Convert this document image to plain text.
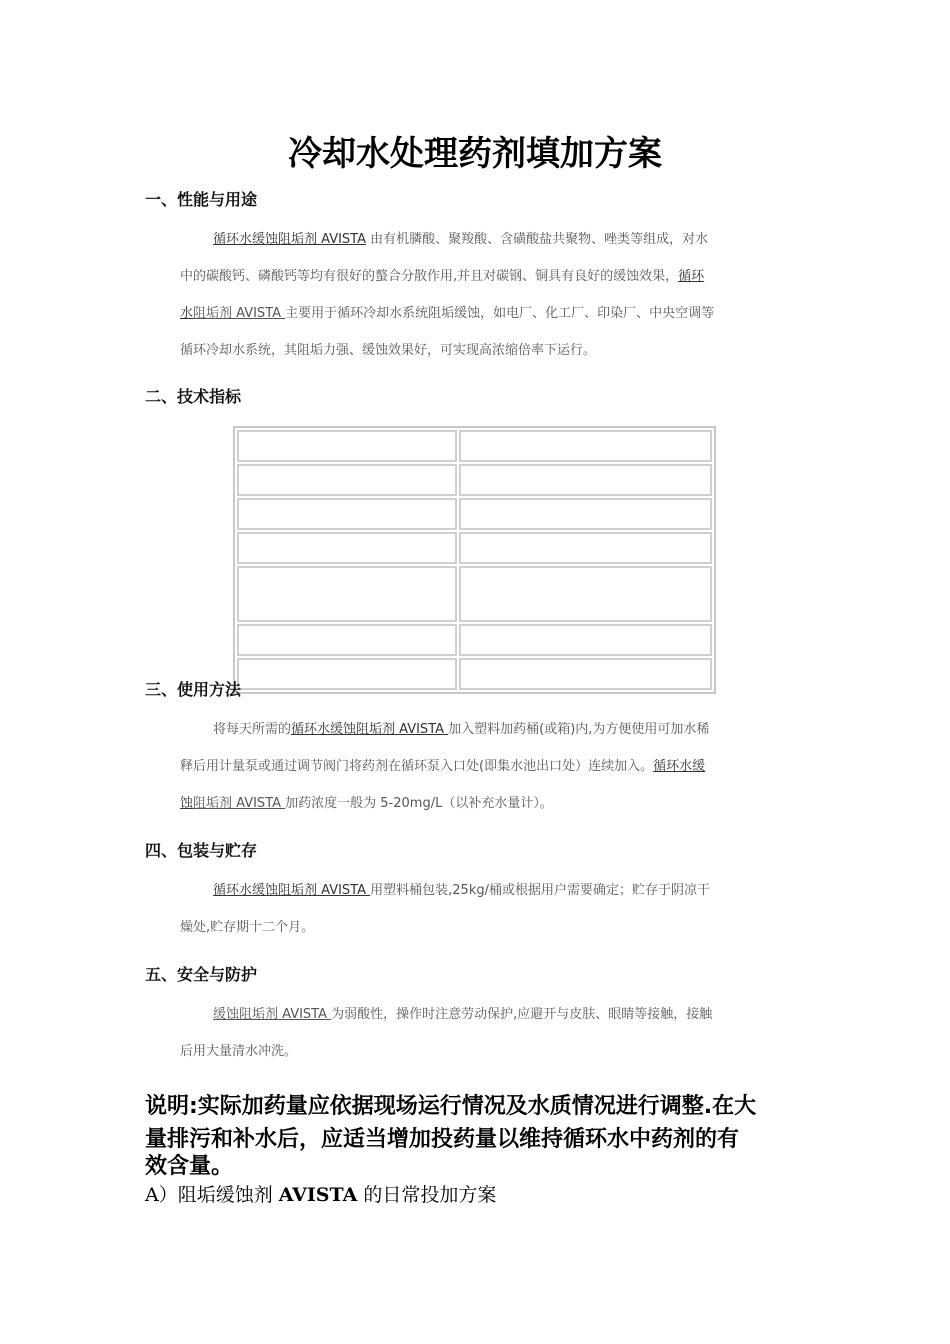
冷却水处理药剂填加方案
一、性能与用途
循环水缓蚀阻垢剂 AVISTA 由有机膦酸、聚羧酸、含磺酸盐共聚物、唑类等组成，对水
中的碳酸钙、磷酸钙等均有很好的螯合分散作用,并且对碳钢、铜具有良好的缓蚀效果，循环
水阻垢剂 AVISTA 主要用于循环冷却水系统阻垢缓蚀，如电厂、化工厂、印染厂、中央空调等
循环冷却水系统，其阻垢力强、缓蚀效果好，可实现高浓缩倍率下运行。
二、技术指标

三、使用方法
将每天所需的循环水缓蚀阻垢剂 AVISTA 加入塑料加药桶(或箱)内,为方便使用可加水稀
释后用计量泵或通过调节阀门将药剂在循环泵入口处(即集水池出口处）连续加入。循环水缓
蚀阻垢剂 AVISTA 加药浓度一般为 5-20mg/L（以补充水量计）。
四、包装与贮存
循环水缓蚀阻垢剂 AVISTA 用塑料桶包装,25kg/桶或根据用户需要确定；贮存于阴凉干
燥处,贮存期十二个月。
五、安全与防护
缓蚀阻垢剂 AVISTA 为弱酸性，操作时注意劳动保护,应避开与皮肤、眼睛等接触，接触
后用大量清水冲洗。
说明:实际加药量应依据现场运行情况及水质情况进行调整.在大
量排污和补水后，应适当增加投药量以维持循环水中药剂的有
效含量。
A）阻垢缓蚀剂 AVISTA 的日常投加方案
